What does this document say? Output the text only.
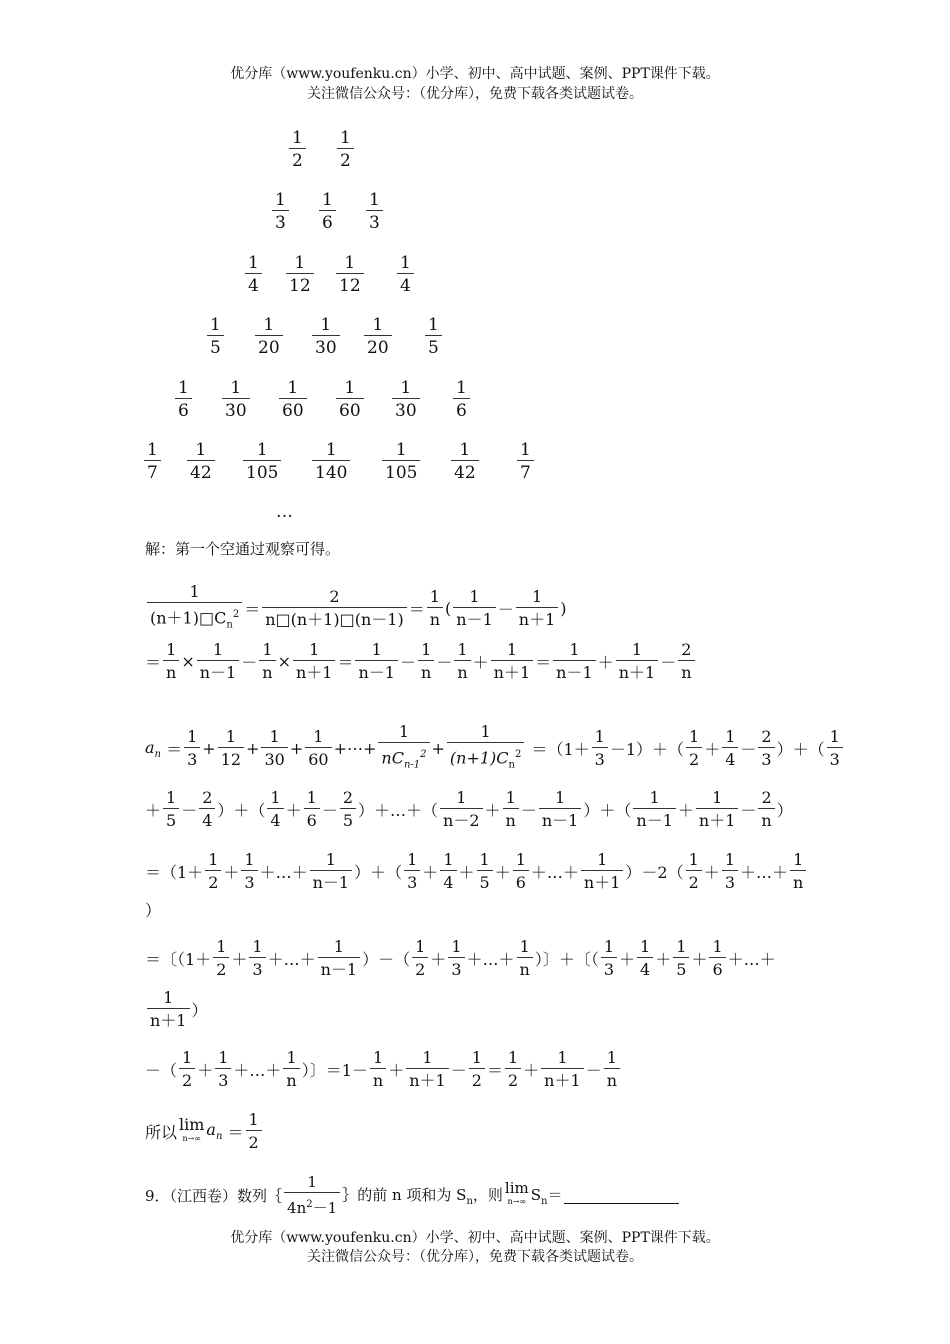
优分库（www.youfenku.cn）小学、初中、高中试题、案例、PPT课件下载。
关注微信公众号：（优分库），免费下载各类试题试卷。
$\frac{1}{2} \frac{1}{2}$
$\frac{1}{3} \frac{1}{6} \frac{1}{3}$
$\frac{1}{4} \frac{1}{12} \frac{1}{12} \frac{1}{4}$
$\frac{1}{5} \frac{1}{20} \frac{1}{30} \frac{1}{20} \frac{1}{5}$
$\frac{1}{6} \frac{1}{30} \frac{1}{60} \frac{1}{60} \frac{1}{30} \frac{1}{6}$
$\frac{1}{7} \frac{1}{42} \frac{1}{105} \frac{1}{140} \frac{1}{105} \frac{1}{42} \frac{1}{7}$
…
解：第一个空通过观察可得。
$\frac{1}{(n+1)□C_n^2} = \frac{2}{n□(n+1)□(n-1)} = \frac{1}{n}$ ( $\frac{1}{n-1} - \frac{1}{n+1}$ )
＝ $\frac{1}{n} \times \frac{1}{n-1} - \frac{1}{n} \times \frac{1}{n+1} = \frac{1}{n-1} - \frac{1}{n} - \frac{1}{n} + \frac{1}{n+1} = \frac{1}{n-1} + \frac{1}{n+1} - \frac{2}{n}$
$a_n = \frac{1}{3} + \frac{1}{12} + \frac{1}{30} + \frac{1}{60}$ +⋯+ $\frac{1}{nC_{n-1}^2} + \frac{1}{(n+1)C_n^2} =(1+ \frac{1}{3} -1)+( \frac{1}{2} + \frac{1}{4} - \frac{2}{3}$ ）＋（ $\frac{1}{3}$
＋ $\frac{1}{5} - \frac{2}{4}$ ）＋（ $\frac{1}{4} + \frac{1}{6} - \frac{2}{5}$ ）＋…＋（ $\frac{1}{n-2} + \frac{1}{n} - \frac{1}{n-1}$ ）＋（ $\frac{1}{n-1} + \frac{1}{n+1} - \frac{2}{n}$ ）
$=(1+ \frac{1}{2} + \frac{1}{3}$ ＋…＋ $\frac{1}{n-1}$ ）＋（ $\frac{1}{3} + \frac{1}{4} + \frac{1}{5} + \frac{1}{6}$ ＋…＋ $\frac{1}{n+1} )-2( \frac{1}{2} + \frac{1}{3}$ ＋…＋ $\frac{1}{n}$
）
＝〔（$1+ \frac{1}{2} + \frac{1}{3}$ ＋…＋ $\frac{1}{n-1}$ ）－（ $\frac{1}{2} + \frac{1}{3}$ ＋…＋ $\frac{1}{n}$ ）〕＋〔（ $\frac{1}{3} + \frac{1}{4} + \frac{1}{5} + \frac{1}{6}$ ＋…＋
$\frac{1}{n+1}$ ）
－（ $\frac{1}{2} + \frac{1}{3}$ ＋…＋ $\frac{1}{n}$ ）〕$=1- \frac{1}{n} + \frac{1}{n+1} - \frac{1}{2} = \frac{1}{2} + \frac{1}{n+1} - \frac{1}{n}$
所以 lim
n→∞ $a_n = \frac{1}{2}$
9．（江西卷）数列｛ $\frac{1}{4n^2-1}$ ｝的前 n 项和为 $S_n$，则 lim
n→∞ $S_n=$
优分库（www.youfenku.cn）小学、初中、高中试题、案例、PPT课件下载。
关注微信公众号：（优分库），免费下载各类试题试卷。
